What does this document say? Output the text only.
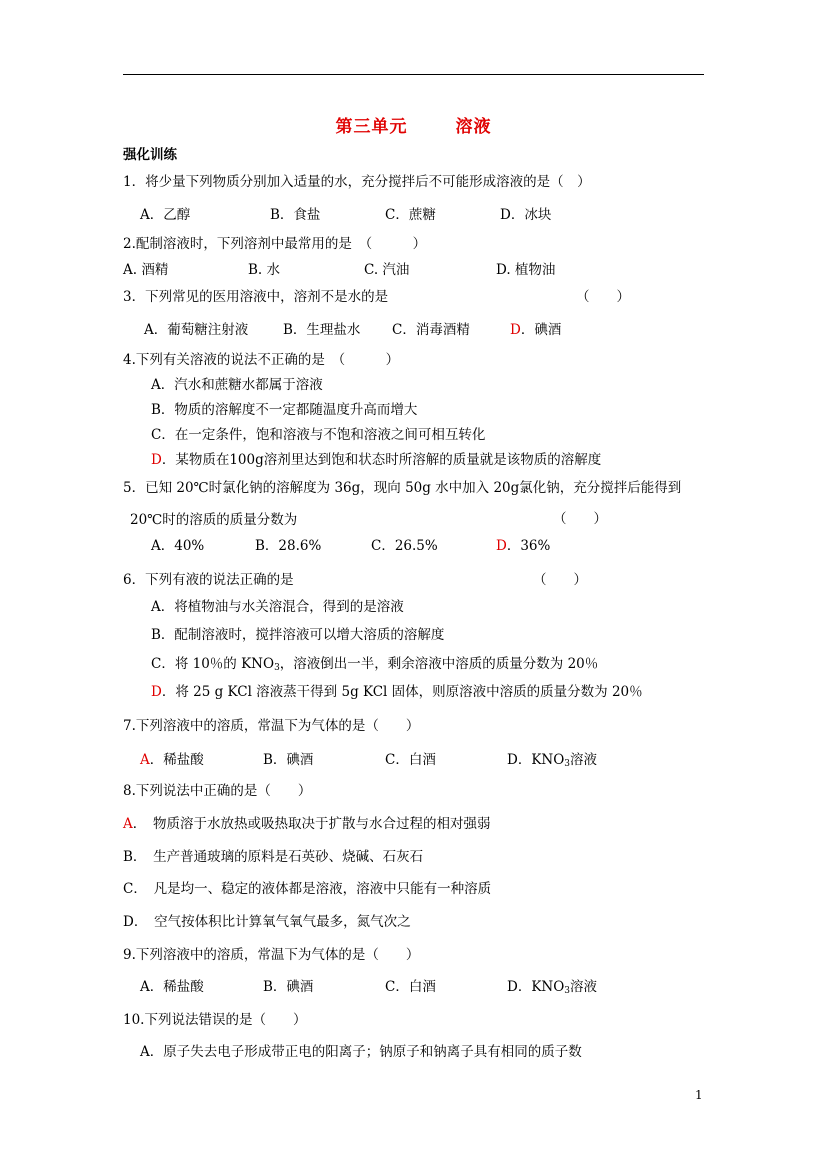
第三单元	溶液
强化训练
1．将少量下列物质分别加入适量的水，充分搅拌后不可能形成溶液的是（　）
A．乙醇	B．食盐	C．蔗糖	D．冰块
2.配制溶液时，下列溶剂中最常用的是　（　　　）
A. 酒精	B. 水	C. 汽油	D. 植物油
3．下列常见的医用溶液中，溶剂不是水的是	（　　）
A．葡萄糖注射液	B．生理盐水 C．消毒酒精	D．碘酒
4.下列有关溶液的说法不正确的是　（　　　）
A．汽水和蔗糖水都属于溶液
B．物质的溶解度不一定都随温度升高而增大
C．在一定条件，饱和溶液与不饱和溶液之间可相互转化
D．某物质在100g溶剂里达到饱和状态时所溶解的质量就是该物质的溶解度
5．已知 20℃时氯化钠的溶解度为 36g，现向 50g 水中加入 20g氯化钠，充分搅拌后能得到
20℃时的溶质的质量分数为	（　　）
A．40%	B．28.6%	C．26.5%	D．36%
6．下列有液的说法正确的是	（　　）
A．将植物油与水关溶混合，得到的是溶液
B．配制溶液时，搅拌溶液可以增大溶质的溶解度
C．将 10％的 $KNO_3$，溶液倒出一半，剩余溶液中溶质的质量分数为 20％
D．将 25 g KCl 溶液蒸干得到 5g KCl 固体，则原溶液中溶质的质量分数为 20％
7.下列溶液中的溶质，常温下为气体的是（　　）
A．稀盐酸	B．碘酒	C．白酒	D．$KNO_3$溶液
8.下列说法中正确的是（　　）
A．　物质溶于水放热或吸热取决于扩散与水合过程的相对强弱
B．　生产普通玻璃的原料是石英砂、烧碱、石灰石
C．　凡是均一、稳定的液体都是溶液，溶液中只能有一种溶质
D．　空气按体积比计算氧气氧气最多，氮气次之
9.下列溶液中的溶质，常温下为气体的是（　　）
A．稀盐酸	B．碘酒	C．白酒	D．$KNO_3$溶液
10.下列说法错误的是（　　）
A．原子失去电子形成带正电的阳离子；钠原子和钠离子具有相同的质子数
1
